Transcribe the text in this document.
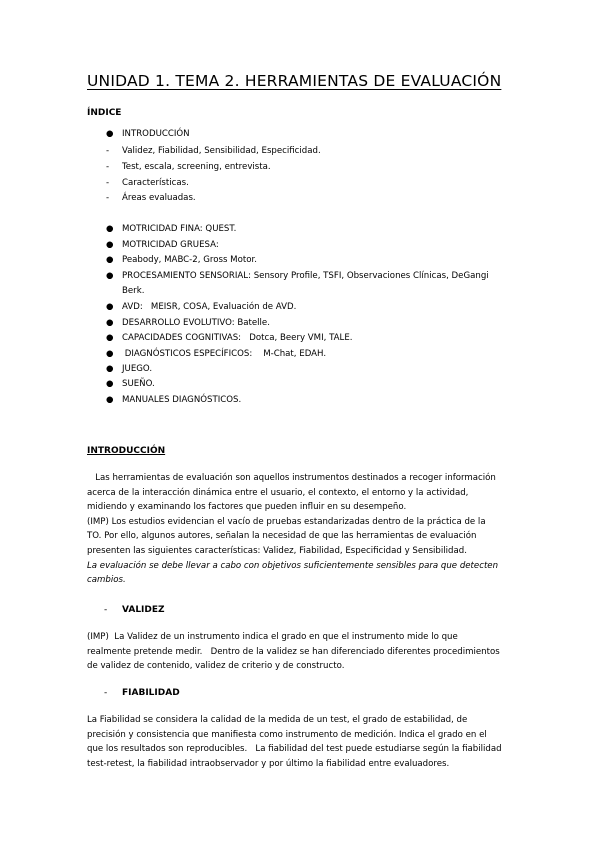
UNIDAD 1. TEMA 2. HERRAMIENTAS DE EVALUACIÓN
ÍNDICE
● INTRODUCCIÓN
- Validez, Fiabilidad, Sensibilidad, Especificidad.
- Test, escala, screening, entrevista.
- Características.
- Áreas evaluadas.
● MOTRICIDAD FINA: QUEST.
● MOTRICIDAD GRUESA:
● Peabody, MABC-2, Gross Motor.
● PROCESAMIENTO SENSORIAL: Sensory Profile, TSFI, Observaciones Clínicas, DeGangi Berk.
● AVD:   MEISR, COSA, Evaluación de AVD.
● DESARROLLO EVOLUTIVO: Batelle.
● CAPACIDADES COGNITIVAS:   Dotca, Beery VMI, TALE.
● DIAGNÓSTICOS ESPECÍFICOS:    M-Chat, EDAH.
● JUEGO.
● SUEÑO.
● MANUALES DIAGNÓSTICOS.
INTRODUCCIÓN

Las herramientas de evaluación son aquellos instrumentos destinados a recoger información

acerca de la interacción dinámica entre el usuario, el contexto, el entorno y la actividad,

midiendo y examinando los factores que pueden influir en su desempeño.

(IMP) Los estudios evidencian el vacío de pruebas estandarizadas dentro de la práctica de la

TO. Por ello, algunos autores, señalan la necesidad de que las herramientas de evaluación

presenten las siguientes características: Validez, Fiabilidad, Especificidad y Sensibilidad.

La evaluación se debe llevar a cabo con objetivos suficientemente sensibles para que detecten

cambios.

- VALIDEZ

(IMP)  La Validez de un instrumento indica el grado en que el instrumento mide lo que

realmente pretende medir.   Dentro de la validez se han diferenciado diferentes procedimientos

de validez de contenido, validez de criterio y de constructo.

- FIABILIDAD

La Fiabilidad se considera la calidad de la medida de un test, el grado de estabilidad, de

precisión y consistencia que manifiesta como instrumento de medición. Indica el grado en el

que los resultados son reproducibles.   La fiabilidad del test puede estudiarse según la fiabilidad

test-retest, la fiabilidad intraobservador y por último la fiabilidad entre evaluadores.
